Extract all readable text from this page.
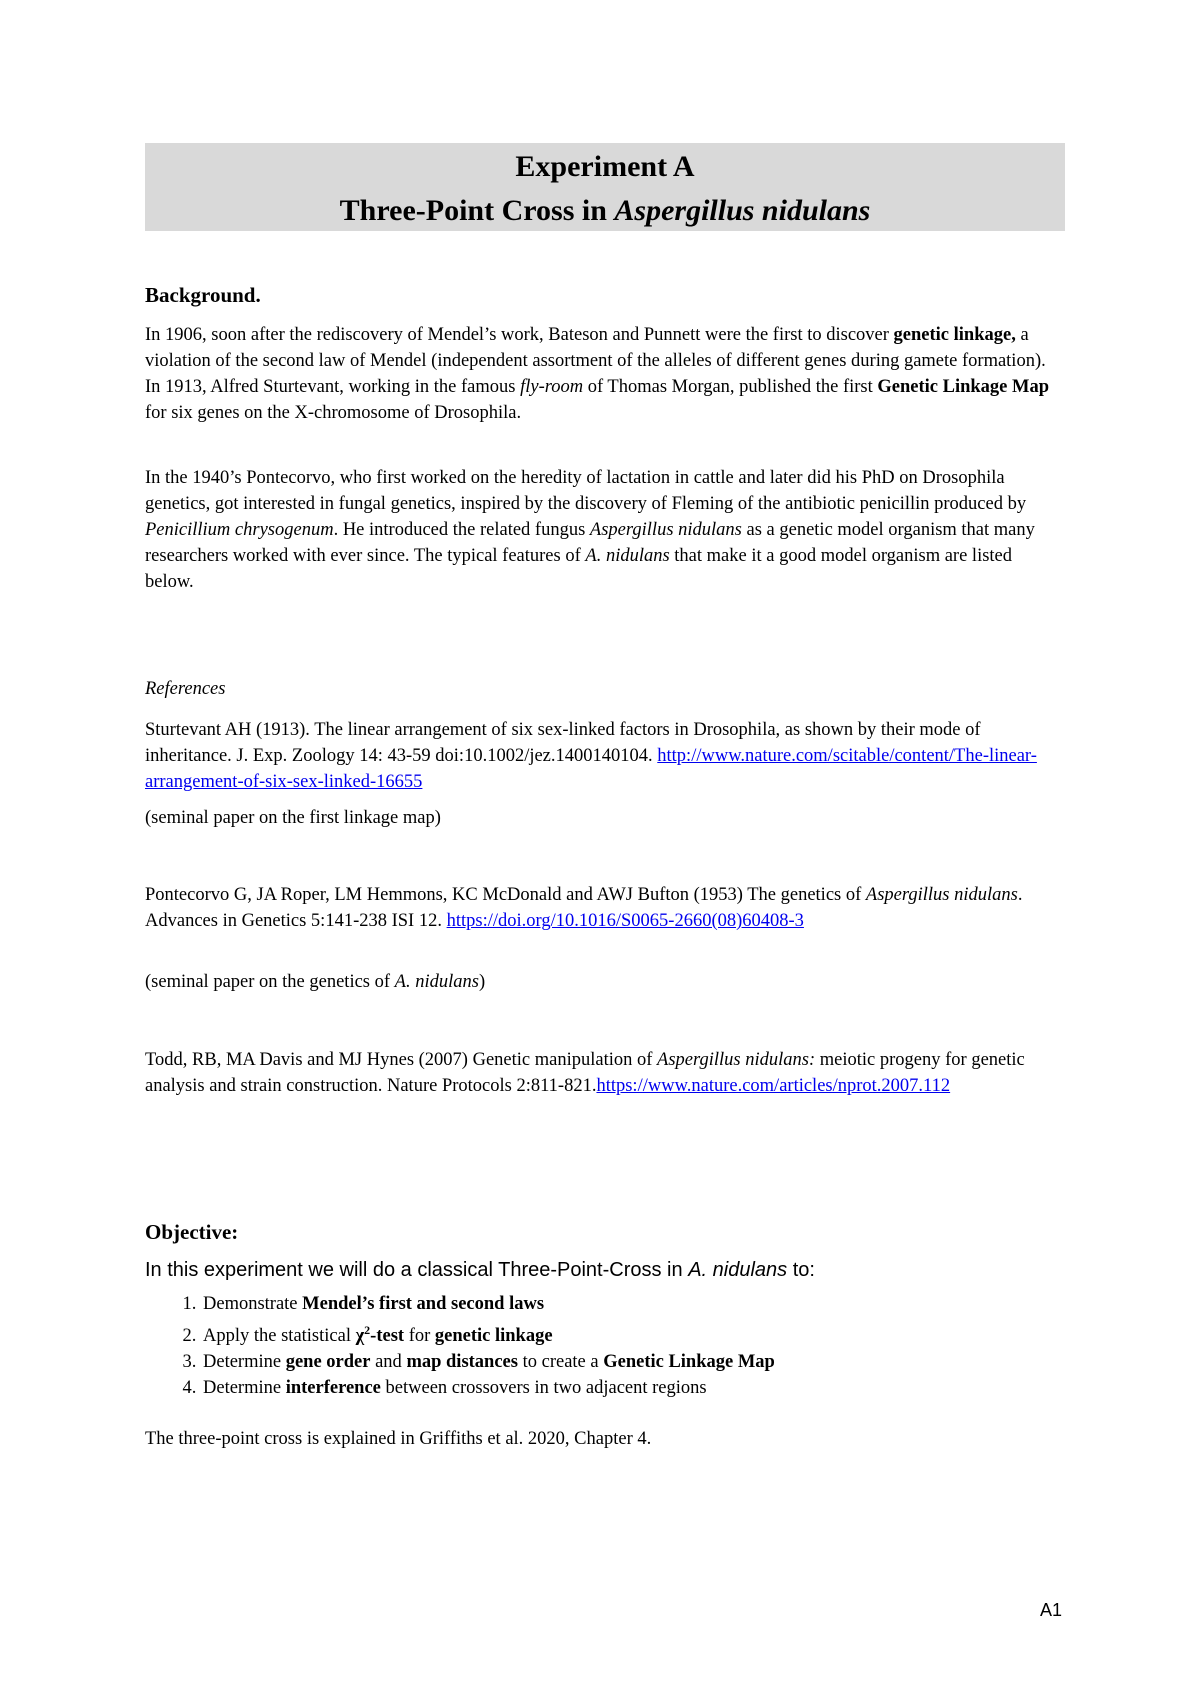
Experiment A
Three-Point Cross in Aspergillus nidulans
Background.
In 1906, soon after the rediscovery of Mendel’s work, Bateson and Punnett were the first to discover genetic linkage, a violation of the second law of Mendel (independent assortment of the alleles of different genes during gamete formation). In 1913, Alfred Sturtevant, working in the famous fly-room of Thomas Morgan, published the first Genetic Linkage Map for six genes on the X-chromosome of Drosophila.
In the 1940’s Pontecorvo, who first worked on the heredity of lactation in cattle and later did his PhD on Drosophila genetics, got interested in fungal genetics, inspired by the discovery of Fleming of the antibiotic penicillin produced by Penicillium chrysogenum. He introduced the related fungus Aspergillus nidulans as a genetic model organism that many researchers worked with ever since. The typical features of A. nidulans that make it a good model organism are listed below.
References
Sturtevant AH (1913). The linear arrangement of six sex-linked factors in Drosophila, as shown by their mode of inheritance. J. Exp. Zoology 14: 43-59 doi:10.1002/jez.1400140104. http://www.nature.com/scitable/content/The-linear-arrangement-of-six-sex-linked-16655
(seminal paper on the first linkage map)
Pontecorvo G, JA Roper, LM Hemmons, KC McDonald and AWJ Bufton (1953) The genetics of Aspergillus nidulans. Advances in Genetics 5:141-238 ISI 12. https://doi.org/10.1016/S0065-2660(08)60408-3
(seminal paper on the genetics of A. nidulans)
Todd, RB, MA Davis and MJ Hynes (2007) Genetic manipulation of Aspergillus nidulans: meiotic progeny for genetic analysis and strain construction. Nature Protocols 2:811-821.https://www.nature.com/articles/nprot.2007.112
Objective:
In this experiment we will do a classical Three-Point-Cross in A. nidulans to:
1. Demonstrate Mendel’s first and second laws
2. Apply the statistical $\chi^2$-test for genetic linkage
3. Determine gene order and map distances to create a Genetic Linkage Map
4. Determine interference between crossovers in two adjacent regions
The three-point cross is explained in Griffiths et al. 2020, Chapter 4.
A1
